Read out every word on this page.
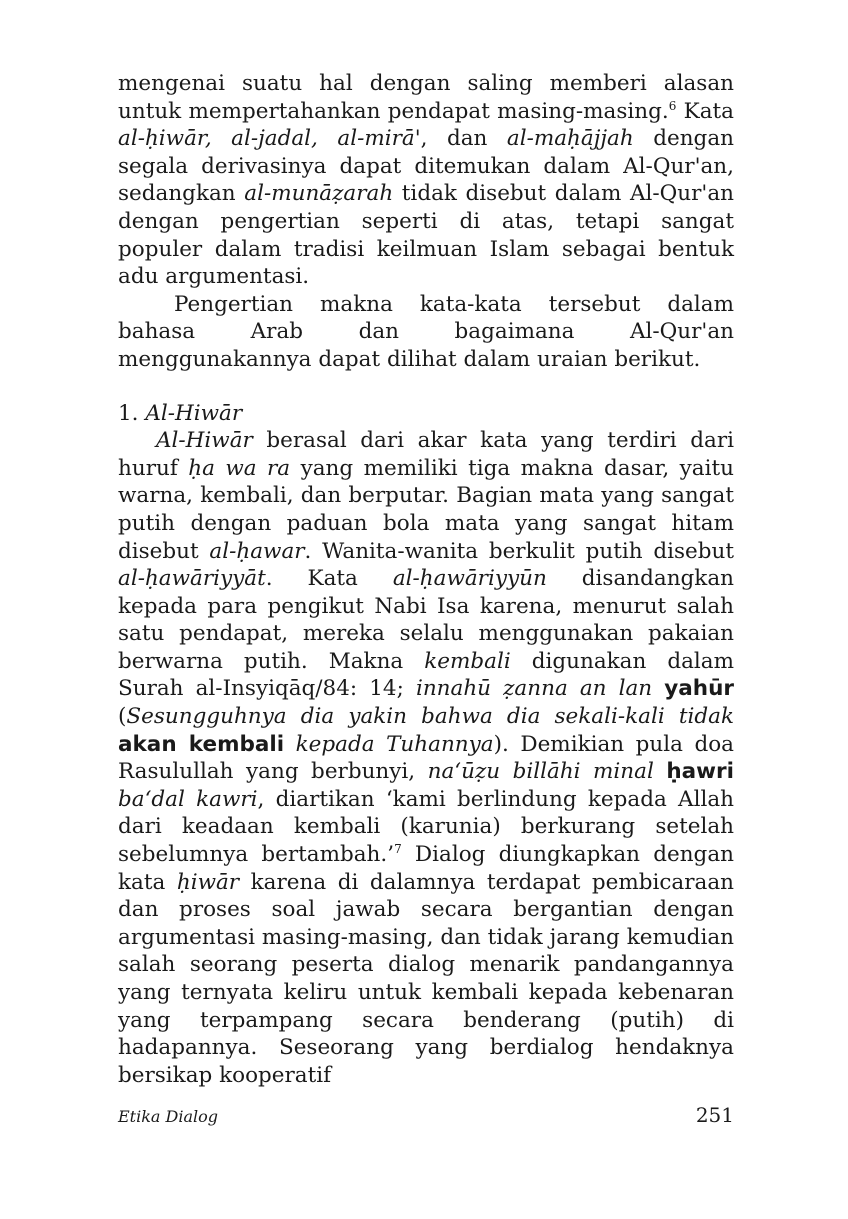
mengenai suatu hal dengan saling memberi alasan untuk mempertahankan pendapat masing-masing.$^6$ Kata al-ḥiwār, al-jadal, al-mirā', dan al-maḥājjah dengan segala derivasinya dapat ditemukan dalam Al-Qur'an, sedangkan al-munāẓarah tidak disebut dalam Al-Qur'an dengan pengertian seperti di atas, tetapi sangat populer dalam tradisi keilmuan Islam sebagai bentuk adu argumentasi.

Pengertian makna kata-kata tersebut dalam bahasa Arab dan bagaimana Al-Qur'an menggunakannya dapat dilihat dalam uraian berikut.

1. Al-Hiwār

Al-Hiwār berasal dari akar kata yang terdiri dari huruf ḥa wa ra yang memiliki tiga makna dasar, yaitu warna, kembali, dan berputar. Bagian mata yang sangat putih dengan paduan bola mata yang sangat hitam disebut al-ḥawar. Wanita-wanita berkulit putih disebut al-ḥawāriyyāt. Kata al-ḥawāriyyūn disandangkan kepada para pengikut Nabi Isa karena, menurut salah satu pendapat, mereka selalu menggunakan pakaian berwarna putih. Makna kembali digunakan dalam Surah al-Insyiqāq/84: 14; innahū ẓanna an lan yahūr (Sesungguhnya dia yakin bahwa dia sekali-kali tidak akan kembali kepada Tuhannya). Demikian pula doa Rasulullah yang berbunyi, na‘ūẓu billāhi minal ḥawri ba‘dal kawri, diartikan ‘kami berlindung kepada Allah dari keadaan kembali (karunia) berkurang setelah sebelumnya bertambah.’$^7$ Dialog diungkapkan dengan kata ḥiwār karena di dalamnya terdapat pembicaraan dan proses soal jawab secara bergantian dengan argumentasi masing-masing, dan tidak jarang kemudian salah seorang peserta dialog menarik pandangannya yang ternyata keliru untuk kembali kepada kebenaran yang terpampang secara benderang (putih) di hadapannya. Seseorang yang berdialog hendaknya bersikap kooperatif

Etika Dialog	251
